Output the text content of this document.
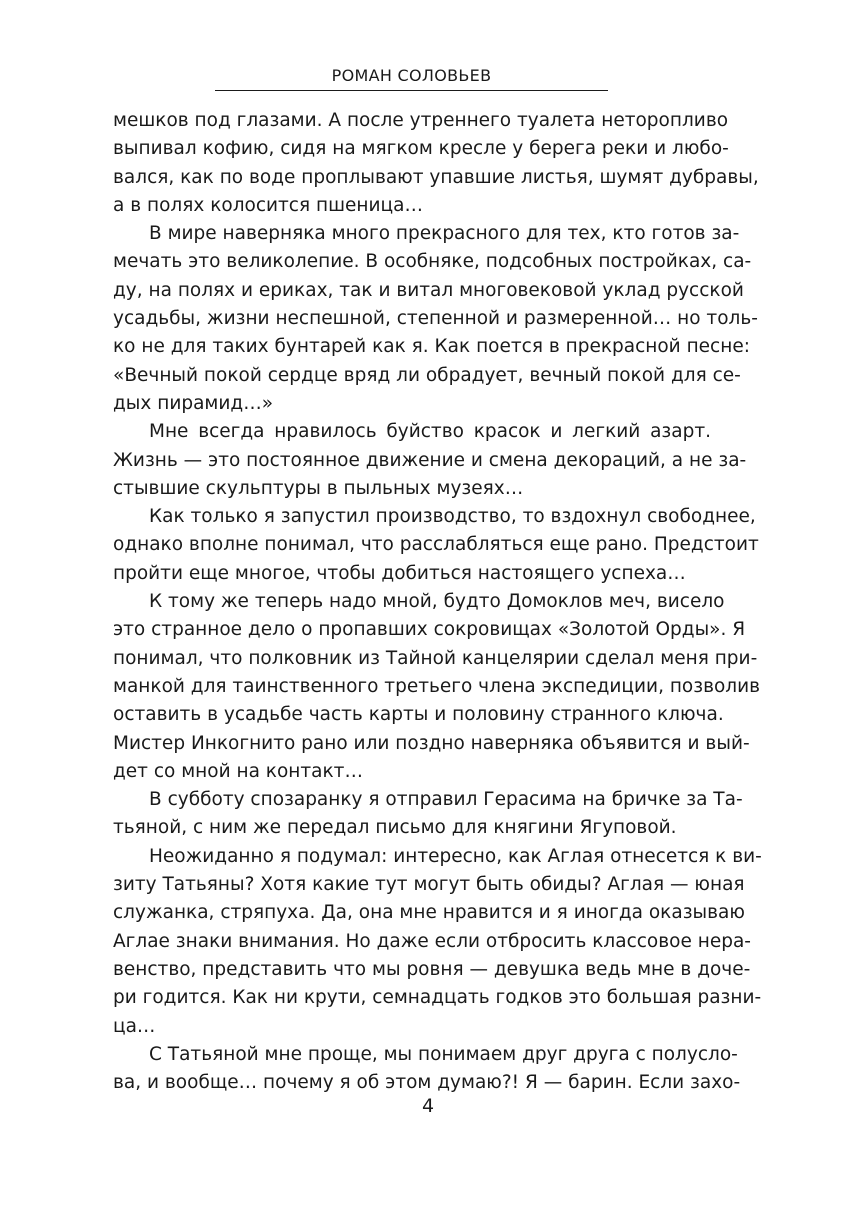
РОМАН СОЛОВЬЕВ
мешков под глазами. А после утреннего туалета неторопливо
выпивал кофию, сидя на мягком кресле у берега реки и любо-
вался, как по воде проплывают упавшие листья, шумят дубравы,
а в полях колосится пшеница…
В мире наверняка много прекрасного для тех, кто готов за-
мечать это великолепие. В особняке, подсобных постройках, са-
ду, на полях и ериках, так и витал многовековой уклад русской
усадьбы, жизни неспешной, степенной и размеренной… но толь-
ко не для таких бунтарей как я. Как поется в прекрасной песне:
«Вечный покой сердце вряд ли обрадует, вечный покой для се-
дых пирамид…»
Мне всегда нравилось буйство красок и легкий азарт.
Жизнь — это постоянное движение и смена декораций, а не за-
стывшие скульптуры в пыльных музеях…
Как только я запустил производство, то вздохнул свободнее,
однако вполне понимал, что расслабляться еще рано. Предстоит
пройти еще многое, чтобы добиться настоящего успеха…
К тому же теперь надо мной, будто Домоклов меч, висело
это странное дело о пропавших сокровищах «Золотой Орды». Я
понимал, что полковник из Тайной канцелярии сделал меня при-
манкой для таинственного третьего члена экспедиции, позволив
оставить в усадьбе часть карты и половину странного ключа.
Мистер Инкогнито рано или поздно наверняка объявится и вый-
дет со мной на контакт…
В субботу спозаранку я отправил Герасима на бричке за Та-
тьяной, с ним же передал письмо для княгини Ягуповой.
Неожиданно я подумал: интересно, как Аглая отнесется к ви-
зиту Татьяны? Хотя какие тут могут быть обиды? Аглая — юная
служанка, стряпуха. Да, она мне нравится и я иногда оказываю
Аглае знаки внимания. Но даже если отбросить классовое нера-
венство, представить что мы ровня — девушка ведь мне в доче-
ри годится. Как ни крути, семнадцать годков это большая разни-
ца…
С Татьяной мне проще, мы понимаем друг друга с полусло-
ва, и вообще… почему я об этом думаю?! Я — барин. Если захо-
4
